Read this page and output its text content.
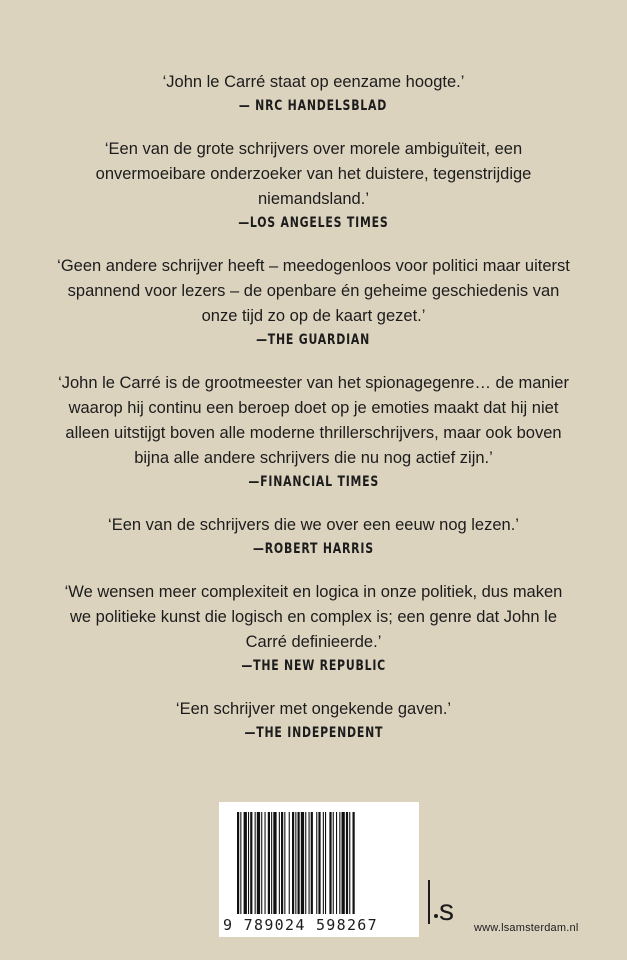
‘John le Carré staat op eenzame hoogte.’
— NRC HANDELSBLAD
‘Een van de grote schrijvers over morele ambiguïteit, een
onvermoeibare onderzoeker van het duistere, tegenstrijdige
niemandsland.’
—LOS ANGELES TIMES
‘Geen andere schrijver heeft – meedogenloos voor politici maar uiterst
spannend voor lezers – de openbare én geheime geschiedenis van
onze tijd zo op de kaart gezet.’
—THE GUARDIAN
‘John le Carré is de grootmeester van het spionagegenre… de manier
waarop hij continu een beroep doet op je emoties maakt dat hij niet
alleen uitstijgt boven alle moderne thrillerschrijvers, maar ook boven
bijna alle andere schrijvers die nu nog actief zijn.’
—FINANCIAL TIMES
‘Een van de schrijvers die we over een eeuw nog lezen.’
—ROBERT HARRIS
‘We wensen meer complexiteit en logica in onze politiek, dus maken
we politieke kunst die logisch en complex is; een genre dat John le
Carré definieerde.’
—THE NEW REPUBLIC
‘Een schrijver met ongekende gaven.’
—THE INDEPENDENT
9 789024 598267	s
www.lsamsterdam.nl
